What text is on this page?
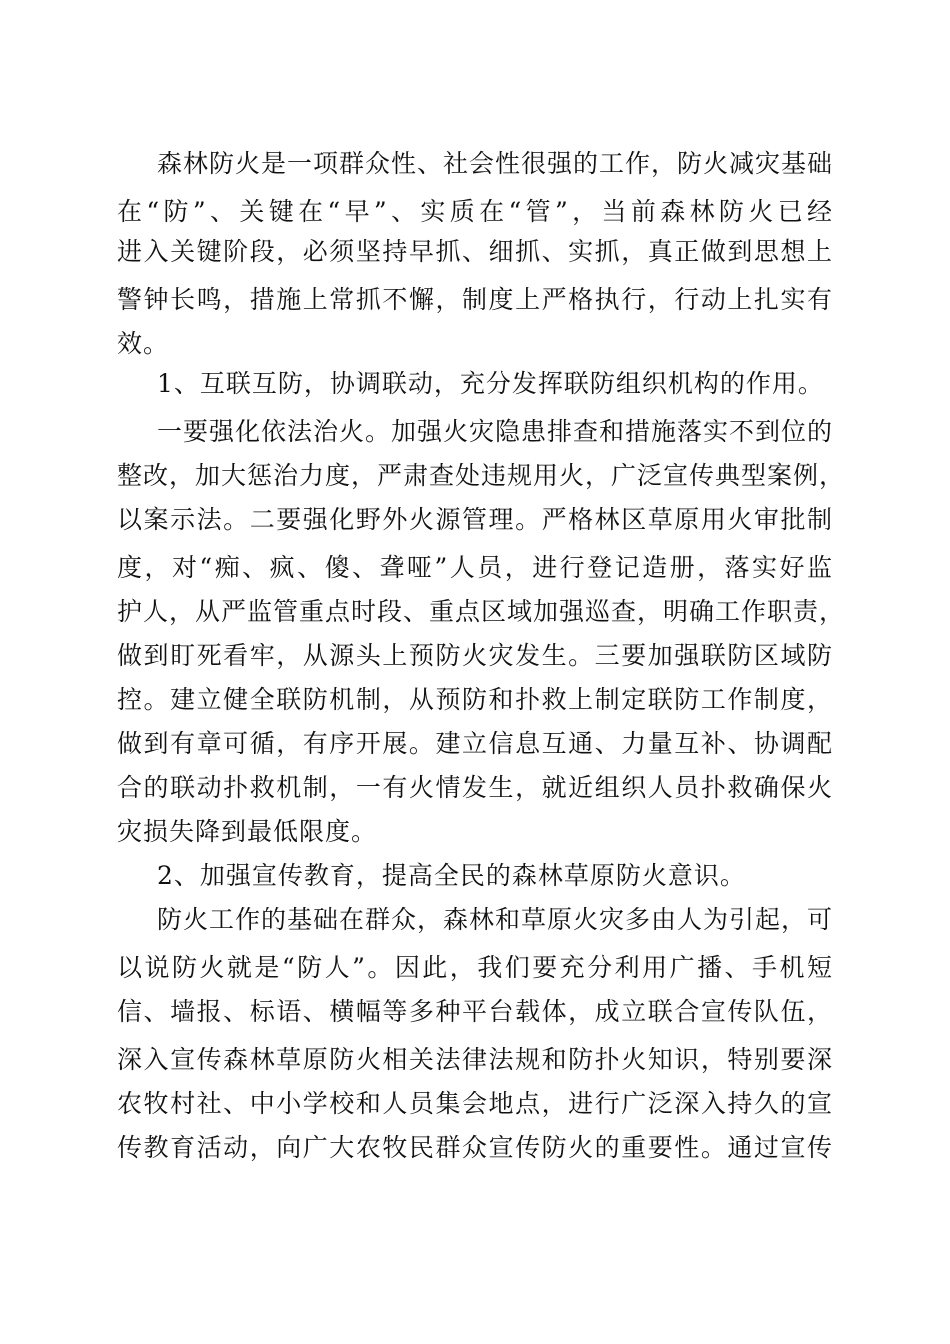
森林防火是一项群众性、社会性很强的工作，防火减灾基础

在“防”、关键在“早”、实质在“管”，当前森林防火已经

进入关键阶段，必须坚持早抓、细抓、实抓，真正做到思想上

警钟长鸣，措施上常抓不懈，制度上严格执行，行动上扎实有

效。

1、互联互防，协调联动，充分发挥联防组织机构的作用。

一要强化依法治火。加强火灾隐患排查和措施落实不到位的

整改，加大惩治力度，严肃查处违规用火，广泛宣传典型案例，

以案示法。二要强化野外火源管理。严格林区草原用火审批制

度，对“痴、疯、傻、聋哑”人员，进行登记造册，落实好监

护人，从严监管重点时段、重点区域加强巡查，明确工作职责，

做到盯死看牢，从源头上预防火灾发生。三要加强联防区域防

控。建立健全联防机制，从预防和扑救上制定联防工作制度，

做到有章可循，有序开展。建立信息互通、力量互补、协调配

合的联动扑救机制，一有火情发生，就近组织人员扑救确保火

灾损失降到最低限度。

2、加强宣传教育，提高全民的森林草原防火意识。

防火工作的基础在群众，森林和草原火灾多由人为引起，可

以说防火就是“防人”。因此，我们要充分利用广播、手机短

信、墙报、标语、横幅等多种平台载体，成立联合宣传队伍，

深入宣传森林草原防火相关法律法规和防扑火知识，特别要深

农牧村社、中小学校和人员集会地点，进行广泛深入持久的宣

传教育活动，向广大农牧民群众宣传防火的重要性。通过宣传
